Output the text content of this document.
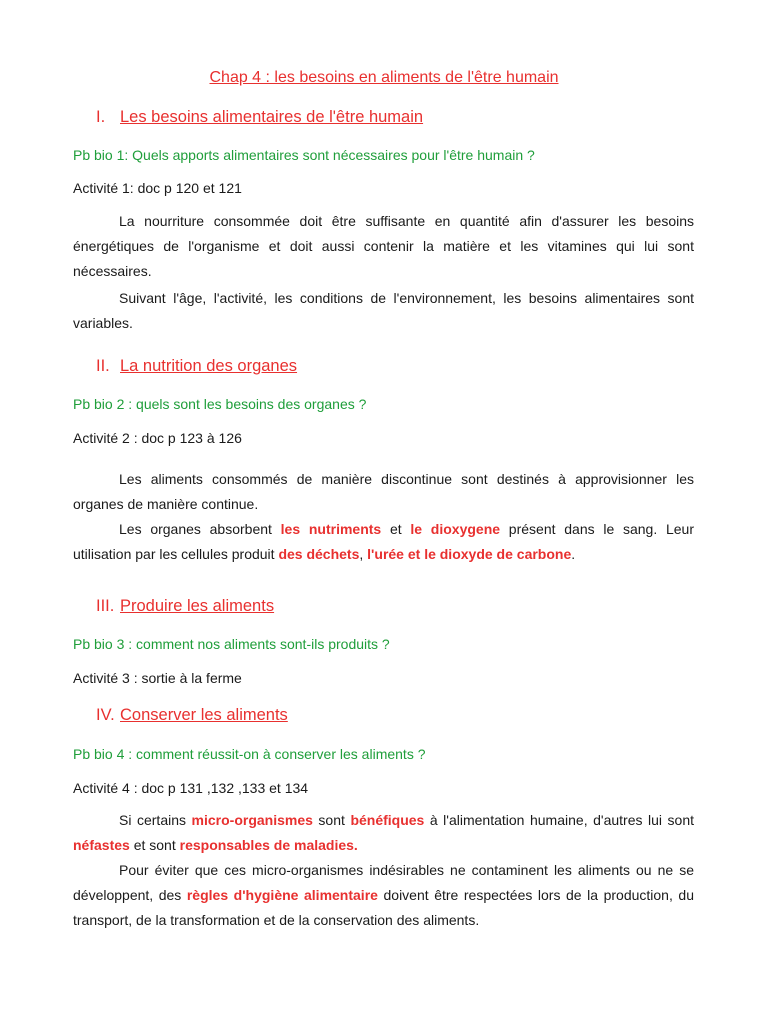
Chap 4 : les besoins en aliments de l'être humain
I. Les besoins alimentaires de l'être humain
Pb bio 1: Quels apports alimentaires sont nécessaires pour l'être humain ?
Activité 1: doc p 120 et 121
La nourriture consommée doit être suffisante en quantité afin d'assurer les besoins énergétiques de l'organisme et doit aussi contenir la matière et les vitamines qui lui sont nécessaires.
Suivant l'âge, l'activité, les conditions de l'environnement, les besoins alimentaires sont variables.
II. La nutrition des organes
Pb bio 2 : quels sont les besoins des organes ?
Activité 2 : doc p 123 à 126
Les aliments consommés de manière discontinue sont destinés à approvisionner les organes de manière continue.
Les organes absorbent les nutriments et le dioxygene présent dans le sang. Leur utilisation par les cellules produit des déchets, l'urée et le dioxyde de carbone.
III. Produire les aliments
Pb bio 3 : comment nos aliments sont-ils produits ?
Activité 3 : sortie à la ferme
IV. Conserver les aliments
Pb bio 4 : comment réussit-on à conserver les aliments ?
Activité 4 : doc p 131 ,132 ,133 et 134
Si certains micro-organismes sont bénéfiques à l'alimentation humaine, d'autres lui sont néfastes et sont responsables de maladies.
Pour éviter que ces micro-organismes indésirables ne contaminent les aliments ou ne se développent, des règles d'hygiène alimentaire doivent être respectées lors de la production, du transport, de la transformation et de la conservation des aliments.
